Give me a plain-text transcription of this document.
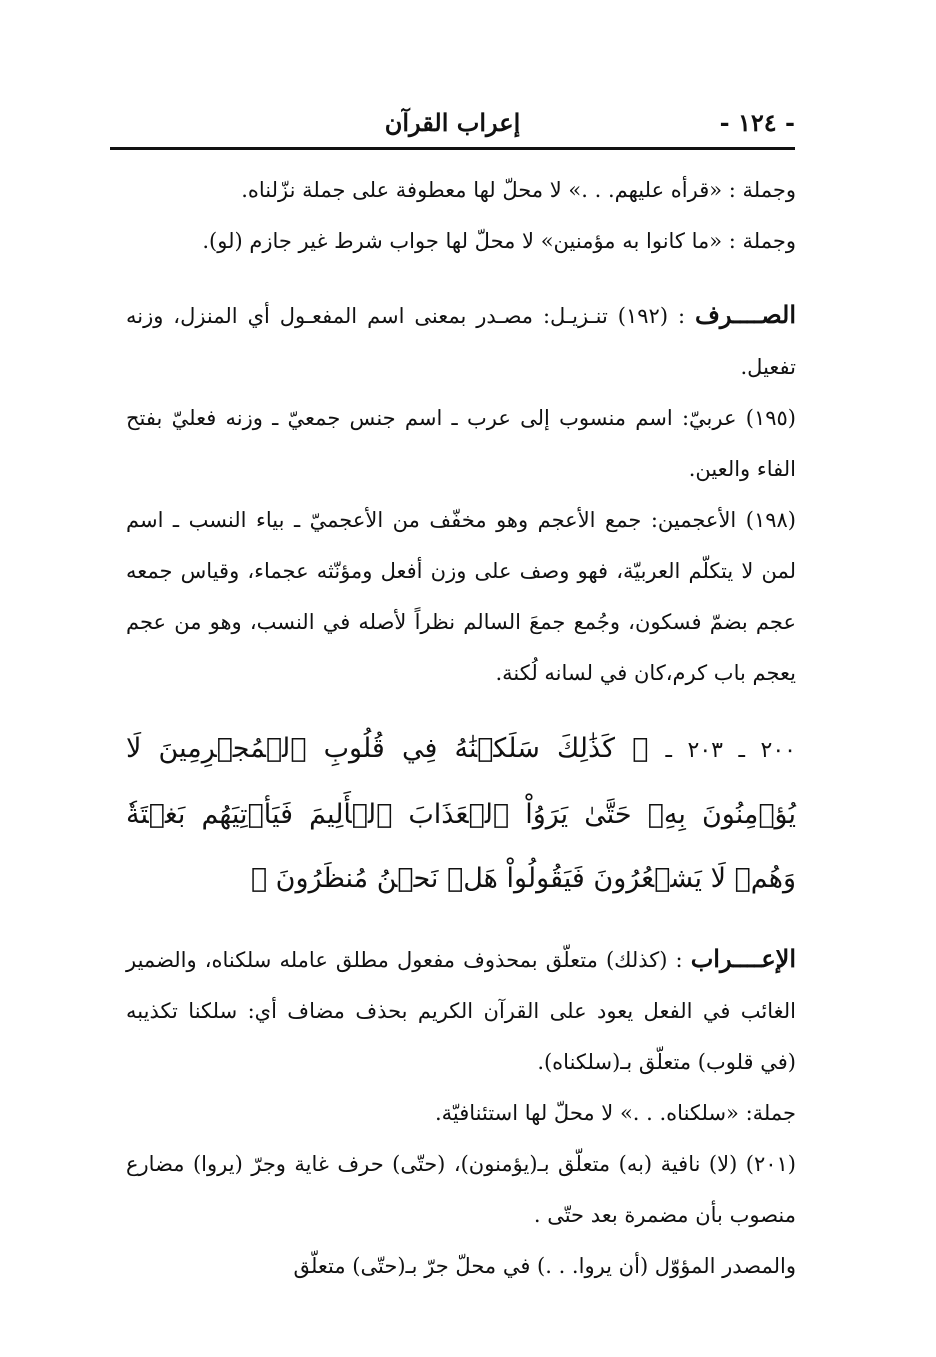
- ١٢٤ -
إعراب القرآن

وجملة : «قرأه عليهم. . .» لا محلّ لها معطوفة على جملة نزّلناه.

وجملة : «ما كانوا به مؤمنين» لا محلّ لها جواب شرط غير جازم (لو).

الصــــرف : (١٩٢) تنـزيـل: مصـدر بمعنى اسم المفعـول أي المنزل، وزنه تفعيل.

(١٩٥) عربيّ: اسم منسوب إلى عرب ـ اسم جنس جمعيّ ـ وزنه فعليّ بفتح الفاء والعين.

(١٩٨) الأعجمين: جمع الأعجم وهو مخفّف من الأعجميّ ـ بياء النسب ـ اسم لمن لا يتكلّم العربيّة، فهو وصف على وزن أفعل ومؤنّثه عجماء، وقياس جمعه عجم بضمّ فسكون، وجُمع جمعَ السالم نظراً لأصله في النسب، وهو من عجم يعجم باب كرم،كان في لسانه لُكنة.

٢٠٠ ـ ٢٠٣ ـ ﴿ كَذَٰلِكَ سَلَكۡنَٰهُ فِي قُلُوبِ ٱلۡمُجۡرِمِينَ لَا يُؤۡمِنُونَ بِهِۦ حَتَّىٰ يَرَوُاْ ٱلۡعَذَابَ ٱلۡأَلِيمَ فَيَأۡتِيَهُم بَغۡتَةٗ وَهُمۡ لَا يَشۡعُرُونَ فَيَقُولُواْ هَلۡ نَحۡنُ مُنظَرُونَ ﴾

الإعــــراب : (كذلك) متعلّق بمحذوف مفعول مطلق عامله سلكناه، والضمير الغائب في الفعل يعود على القرآن الكريم بحذف مضاف أي: سلكنا تكذيبه (في قلوب) متعلّق بـ(سلكناه).

جملة: «سلكناه. . .» لا محلّ لها استئنافيّة.

(٢٠١) (لا) نافية (به) متعلّق بـ(يؤمنون)، (حتّى) حرف غاية وجرّ (يروا) مضارع منصوب بأن مضمرة بعد حتّى .

والمصدر المؤوّل (أن يروا. . .) في محلّ جرّ بـ(حتّى) متعلّق
